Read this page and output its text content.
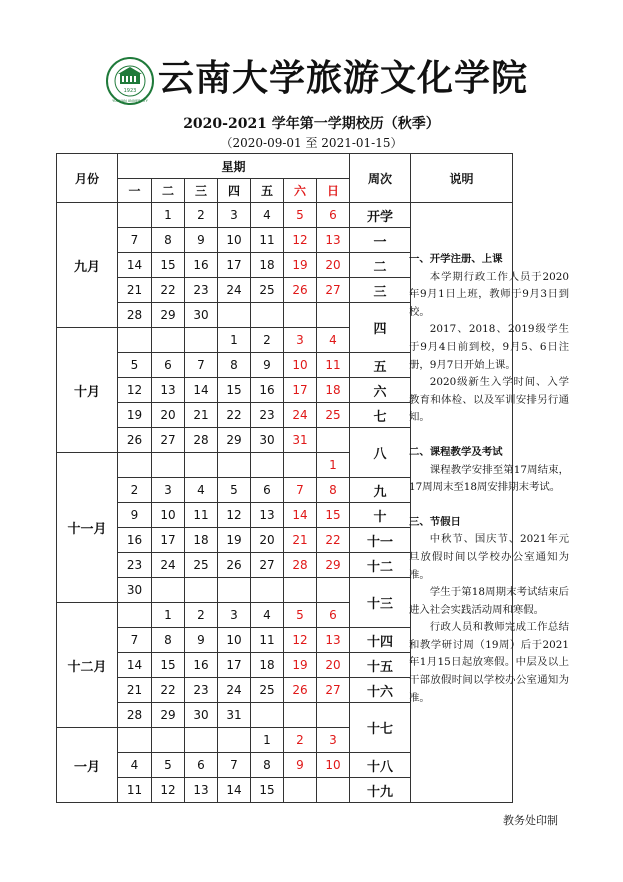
1923
YUNNAN UNIVERSITY
云南大学旅游文化学院
2020-2021 学年第一学期校历（秋季）
（2020-09-01 至 2021-01-15）
月份	星期							周次	说明
	一	二	三	四	五	六	日		
九月		1	2	3	4	5	6	开学	
	7	8	9	10	11	12	13	一	
	14	15	16	17	18	19	20	二	
	21	22	23	24	25	26	27	三	
	28	29	30					四	
十月				1	2	3	4		
	5	6	7	8	9	10	11	五	
	12	13	14	15	16	17	18	六	
	19	20	21	22	23	24	25	七	
	26	27	28	29	30	31		八	
十一月							1		
	2	3	4	5	6	7	8	九	
	9	10	11	12	13	14	15	十	
	16	17	18	19	20	21	22	十一	
	23	24	25	26	27	28	29	十二	
	30							十三	
十二月		1	2	3	4	5	6		
	7	8	9	10	11	12	13	十四	
	14	15	16	17	18	19	20	十五	
	21	22	23	24	25	26	27	十六	
	28	29	30	31				十七	
一月					1	2	3		
	4	5	6	7	8	9	10	十八	
	11	12	13	14	15			十九	
一、开学注册、上课
本学期行政工作人员于2020年9月1日上班，教师于9月3日到校。
2017、2018、2019级学生于9月4日前到校，9月5、6日注册，9月7日开始上课。
2020级新生入学时间、入学教育和体检、以及军训安排另行通知。
二、课程教学及考试
课程教学安排至第17周结束，17周周末至18周安排期末考试。
三、节假日
中秋节、国庆节、2021年元旦放假时间以学校办公室通知为准。
学生于第18周期末考试结束后进入社会实践活动周和寒假。
行政人员和教师完成工作总结和教学研讨周（19周）后于2021年1月15日起放寒假。中层及以上干部放假时间以学校办公室通知为准。
教务处印制
